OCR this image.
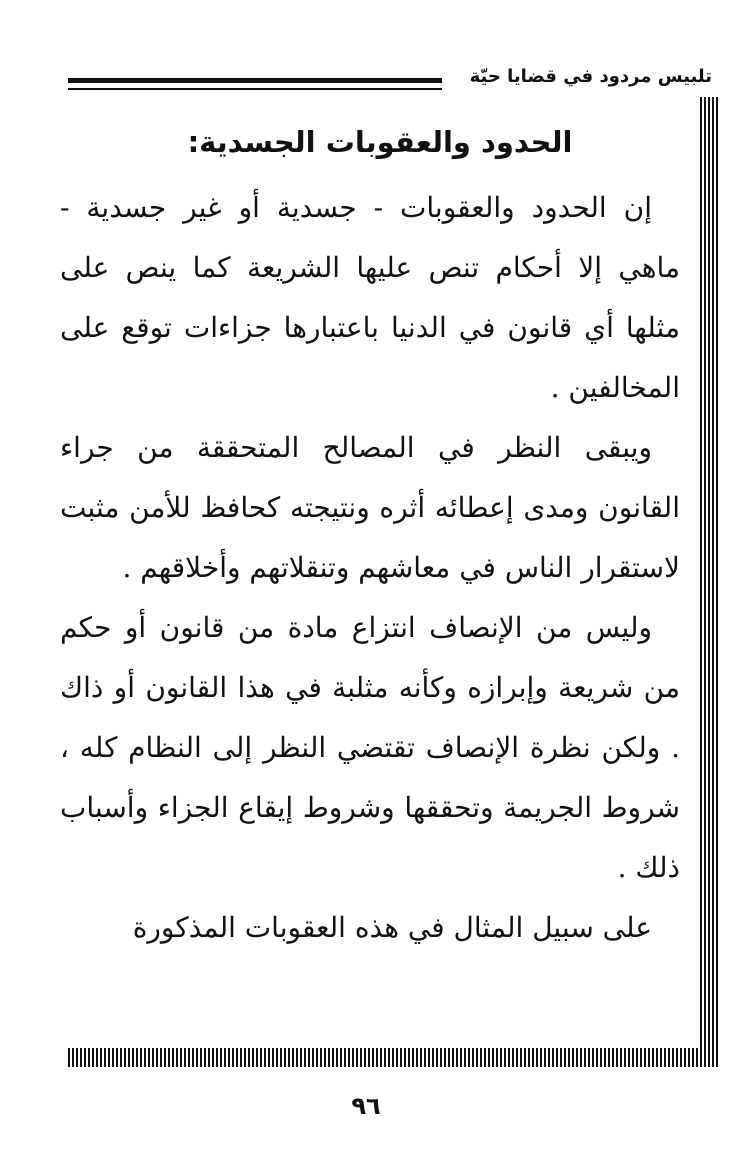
تلبيس مردود في قضايا حيّة
الحدود والعقوبات الجسدية:

إن الحدود والعقوبات - جسدية أو غير جسدية - ماهي إلا أحكام تنص عليها الشريعة كما ينص على مثلها أي قانون في الدنيا باعتبارها جزاءات توقع على المخالفين .

ويبقى النظر في المصالح المتحققة من جراء القانون ومدى إعطائه أثره ونتيجته كحافظ للأمن مثبت لاستقرار الناس في معاشهم وتنقلاتهم وأخلاقهم .

وليس من الإنصاف انتزاع مادة من قانون أو حكم من شريعة وإبرازه وكأنه مثلبة في هذا القانون أو ذاك . ولكن نظرة الإنصاف تقتضي النظر إلى النظام كله ، شروط الجريمة وتحققها وشروط إيقاع الجزاء وأسباب ذلك .

على سبيل المثال في هذه العقوبات المذكورة

٩٦
